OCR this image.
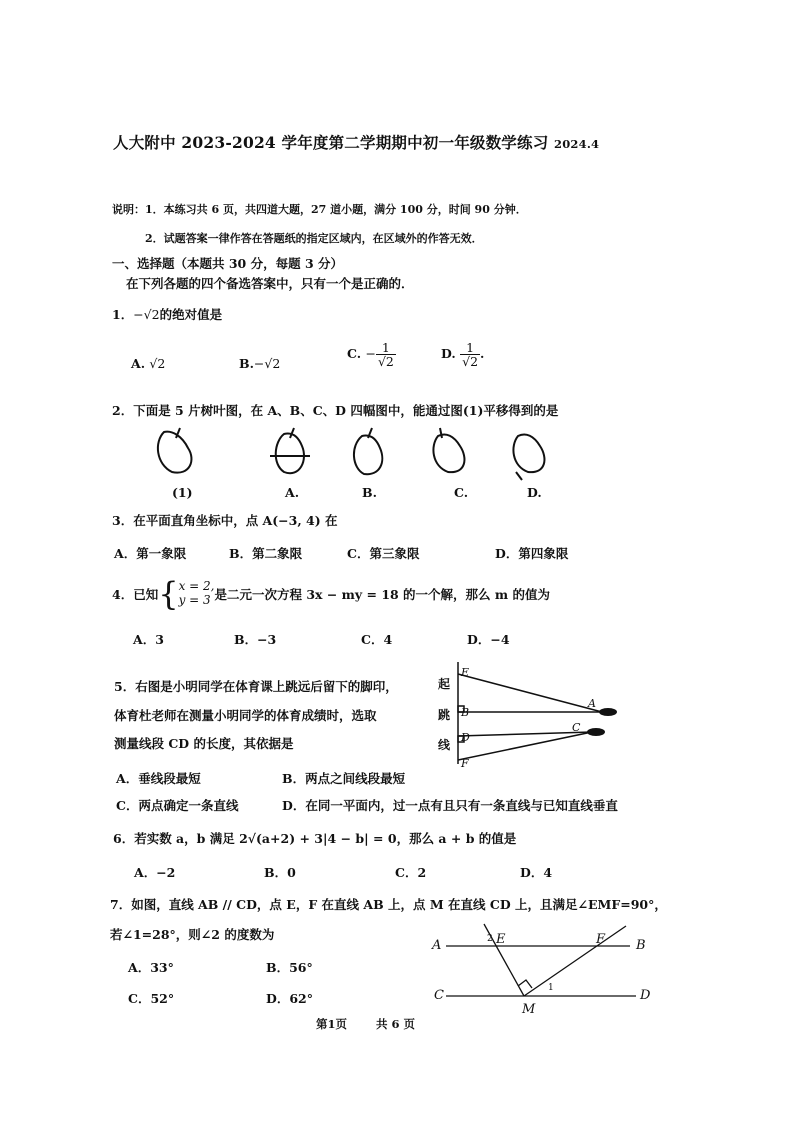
人大附中 2023-2024 学年度第二学期期中初一年级数学练习 2024.4
说明：1．本练习共 6 页，共四道大题，27 道小题，满分 100 分，时间 90 分钟．
2．试题答案一律作答在答题纸的指定区域内，在区域外的作答无效．
一、选择题（本题共 30 分，每题 3 分）
在下列各题的四个备选答案中，只有一个是正确的．
1．−√2的绝对值是
A. √2	B.−√2
C. − $\frac{1}{√2}$	D. $\frac{1}{√2}$ .
2．下面是 5 片树叶图，在 A、B、C、D 四幅图中，能通过图(1)平移得到的是
(1)	A.	B.	C.	D.
3．在平面直角坐标中，点 A(−3, 4) 在
A．第一象限	B．第二象限	C．第三象限	D．第四象限
4．已知{ x = 2,
y = 3 是二元一次方程 3x − my = 18 的一个解，那么 m 的值为
A．3	B．−3	C．4	D．−4
5．右图是小明同学在体育课上跳远后留下的脚印，
体育杜老师在测量小明同学的体育成绩时，选取
测量线段 CD 的长度，其依据是
起
跳
线
E
B
D
F
A
C
A．垂线段最短	B．两点之间线段最短
C．两点确定一条直线	D．在同一平面内，过一点有且只有一条直线与已知直线垂直
6．若实数 a，b 满足 2√(a+2) + 3|4 − b| = 0，那么 a + b 的值是
A．−2	B．0	C．2	D．4
7．如图，直线 AB // CD，点 E，F 在直线 AB 上，点 M 在直线 CD 上，且满足∠EMF=90°，
若∠1=28°，则∠2 的度数为
A．33°	B．56°
C．52°	D．62°
A	E	F B
C
M
D
2
1
第1页	共 6 页
